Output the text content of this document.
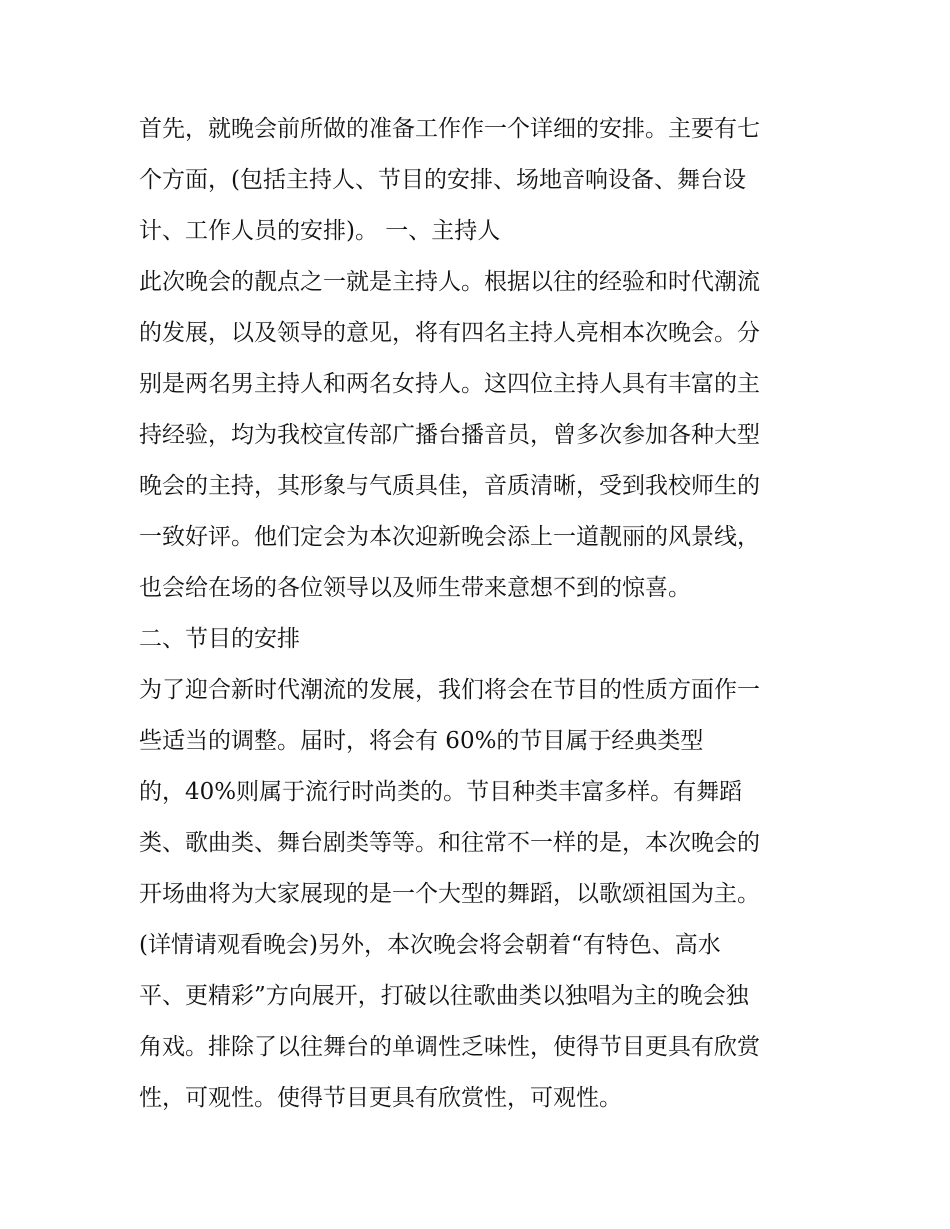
首先，就晚会前所做的准备工作作一个详细的安排。主要有七
个方面，(包括主持人、节目的安排、场地音响设备、舞台设
计、工作人员的安排)。 一、主持人
此次晚会的靓点之一就是主持人。根据以往的经验和时代潮流
的发展，以及领导的意见，将有四名主持人亮相本次晚会。分
别是两名男主持人和两名女持人。这四位主持人具有丰富的主
持经验，均为我校宣传部广播台播音员，曾多次参加各种大型
晚会的主持，其形象与气质具佳，音质清晰，受到我校师生的
一致好评。他们定会为本次迎新晚会添上一道靓丽的风景线，
也会给在场的各位领导以及师生带来意想不到的惊喜。
二、节目的安排
为了迎合新时代潮流的发展，我们将会在节目的性质方面作一
些适当的调整。届时，将会有 60%的节目属于经典类型
的，40%则属于流行时尚类的。节目种类丰富多样。有舞蹈
类、歌曲类、舞台剧类等等。和往常不一样的是，本次晚会的
开场曲将为大家展现的是一个大型的舞蹈，以歌颂祖国为主。
(详情请观看晚会)另外，本次晚会将会朝着“有特色、高水
平、更精彩”方向展开，打破以往歌曲类以独唱为主的晚会独
角戏。排除了以往舞台的单调性乏味性，使得节目更具有欣赏
性，可观性。使得节目更具有欣赏性，可观性。
